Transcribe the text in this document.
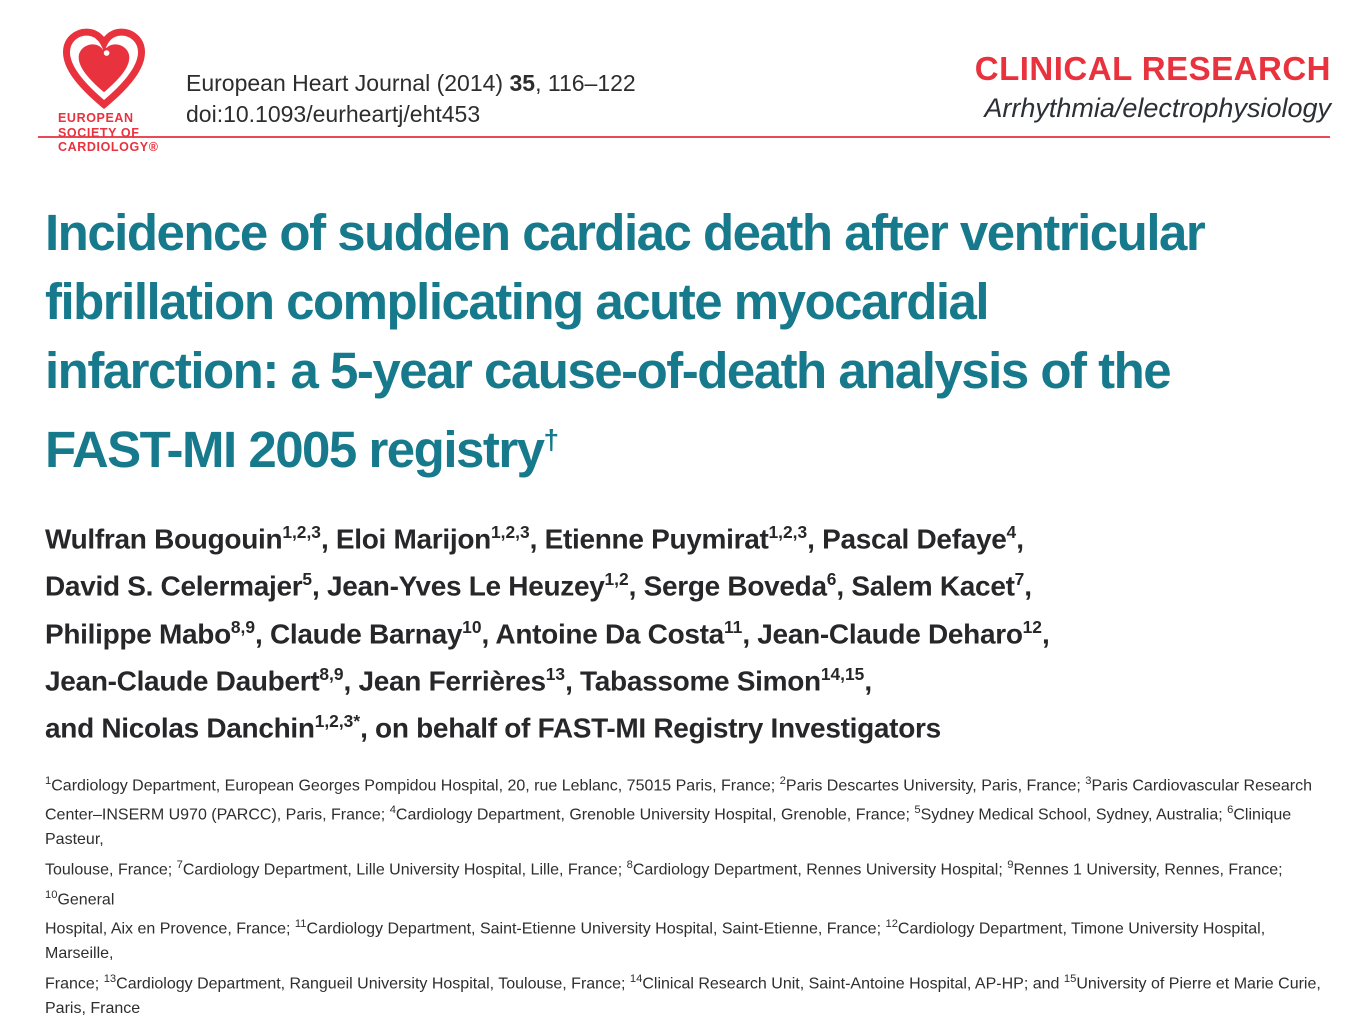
EUROPEAN
SOCIETY OF
CARDIOLOGY®
European Heart Journal (2014) 35, 116–122
doi:10.1093/eurheartj/eht453
CLINICAL RESEARCH
Arrhythmia/electrophysiology
Incidence of sudden cardiac death after ventricular
fibrillation complicating acute myocardial
infarction: a 5-year cause-of-death analysis of the
FAST-MI 2005 registry†
Wulfran Bougouin$^{1,2,3}$, Eloi Marijon$^{1,2,3}$, Etienne Puymirat$^{1,2,3}$, Pascal Defaye$^4$,
David S. Celermajer$^5$, Jean-Yves Le Heuzey$^{1,2}$, Serge Boveda$^6$, Salem Kacet$^7$,
Philippe Mabo$^{8,9}$, Claude Barnay$^{10}$, Antoine Da Costa$^{11}$, Jean-Claude Deharo$^{12}$,
Jean-Claude Daubert$^{8,9}$, Jean Ferrières$^{13}$, Tabassome Simon$^{14,15}$,
and Nicolas Danchin$^{1,2,3*}$, on behalf of FAST-MI Registry Investigators
$^1$Cardiology Department, European Georges Pompidou Hospital, 20, rue Leblanc, 75015 Paris, France; $^2$Paris Descartes University, Paris, France; $^3$Paris Cardiovascular Research
Center–INSERM U970 (PARCC), Paris, France; $^4$Cardiology Department, Grenoble University Hospital, Grenoble, France; $^5$Sydney Medical School, Sydney, Australia; $^6$Clinique Pasteur,
Toulouse, France; $^7$Cardiology Department, Lille University Hospital, Lille, France; $^8$Cardiology Department, Rennes University Hospital; $^9$Rennes 1 University, Rennes, France; $^{10}$General
Hospital, Aix en Provence, France; $^{11}$Cardiology Department, Saint-Etienne University Hospital, Saint-Etienne, France; $^{12}$Cardiology Department, Timone University Hospital, Marseille,
France; $^{13}$Cardiology Department, Rangueil University Hospital, Toulouse, France; $^{14}$Clinical Research Unit, Saint-Antoine Hospital, AP-HP; and $^{15}$University of Pierre et Marie Curie,
Paris, France
